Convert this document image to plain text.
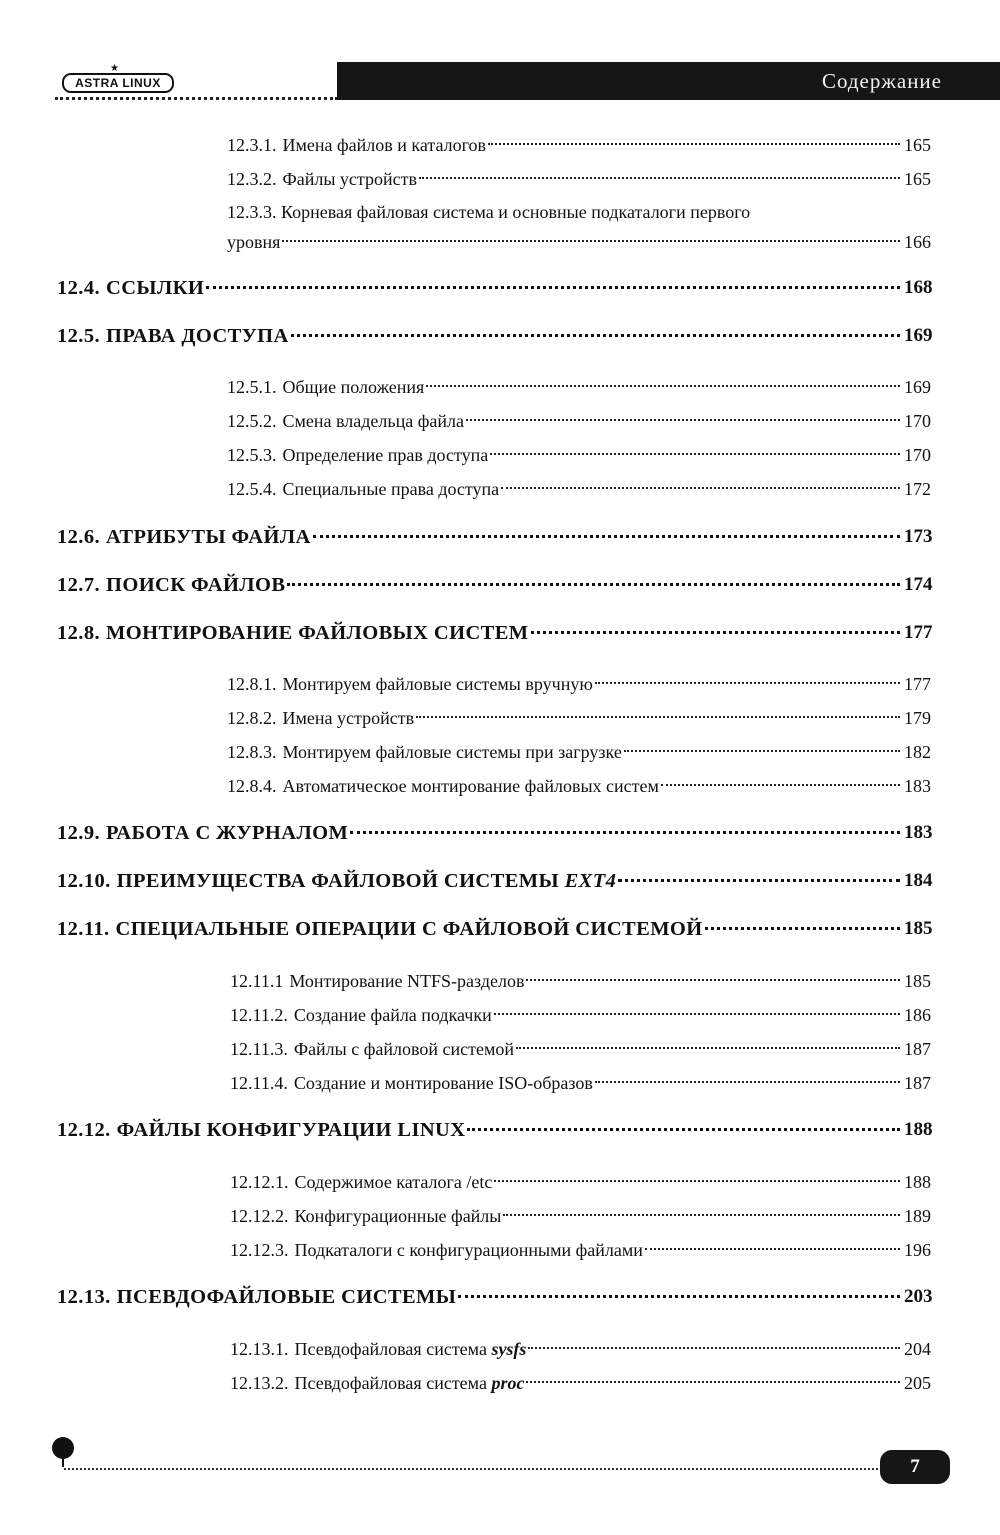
★
ASTRA LINUX	Содержание
12.3.1. Имена файлов и каталогов	165
12.3.2. Файлы устройств	165
12.3.3. Корневая файловая система и основные подкаталоги первого
уровня	166
12.4. ССЫЛКИ	168
12.5. ПРАВА ДОСТУПА	169
12.5.1. Общие положения	169
12.5.2. Смена владельца файла	170
12.5.3. Определение прав доступа	170
12.5.4. Специальные права доступа	172
12.6. АТРИБУТЫ ФАЙЛА	173
12.7. ПОИСК ФАЙЛОВ	174
12.8. МОНТИРОВАНИЕ ФАЙЛОВЫХ СИСТЕМ	177
12.8.1. Монтируем файловые системы вручную	177
12.8.2. Имена устройств	179
12.8.3. Монтируем файловые системы при загрузке	182
12.8.4. Автоматическое монтирование файловых систем	183
12.9. РАБОТА С ЖУРНАЛОМ	183
12.10. ПРЕИМУЩЕСТВА ФАЙЛОВОЙ СИСТЕМЫ
EXT4	184
12.11. СПЕЦИАЛЬНЫЕ ОПЕРАЦИИ С ФАЙЛОВОЙ СИСТЕМОЙ	185
12.11.1 Монтирование NTFS-разделов	185
12.11.2. Создание файла подкачки	186
12.11.3. Файлы с файловой системой	187
12.11.4. Создание и монтирование ISO-образов	187
12.12. ФАЙЛЫ КОНФИГУРАЦИИ LINUX	188
12.12.1. Содержимое каталога /etc	188
12.12.2. Конфигурационные файлы	189
12.12.3. Подкаталоги с конфигурационными файлами	196
12.13. ПСЕВДОФАЙЛОВЫЕ СИСТЕМЫ	203
12.13.1. Псевдофайловая система
sysfs	204
12.13.2. Псевдофайловая система
proc	205
7
